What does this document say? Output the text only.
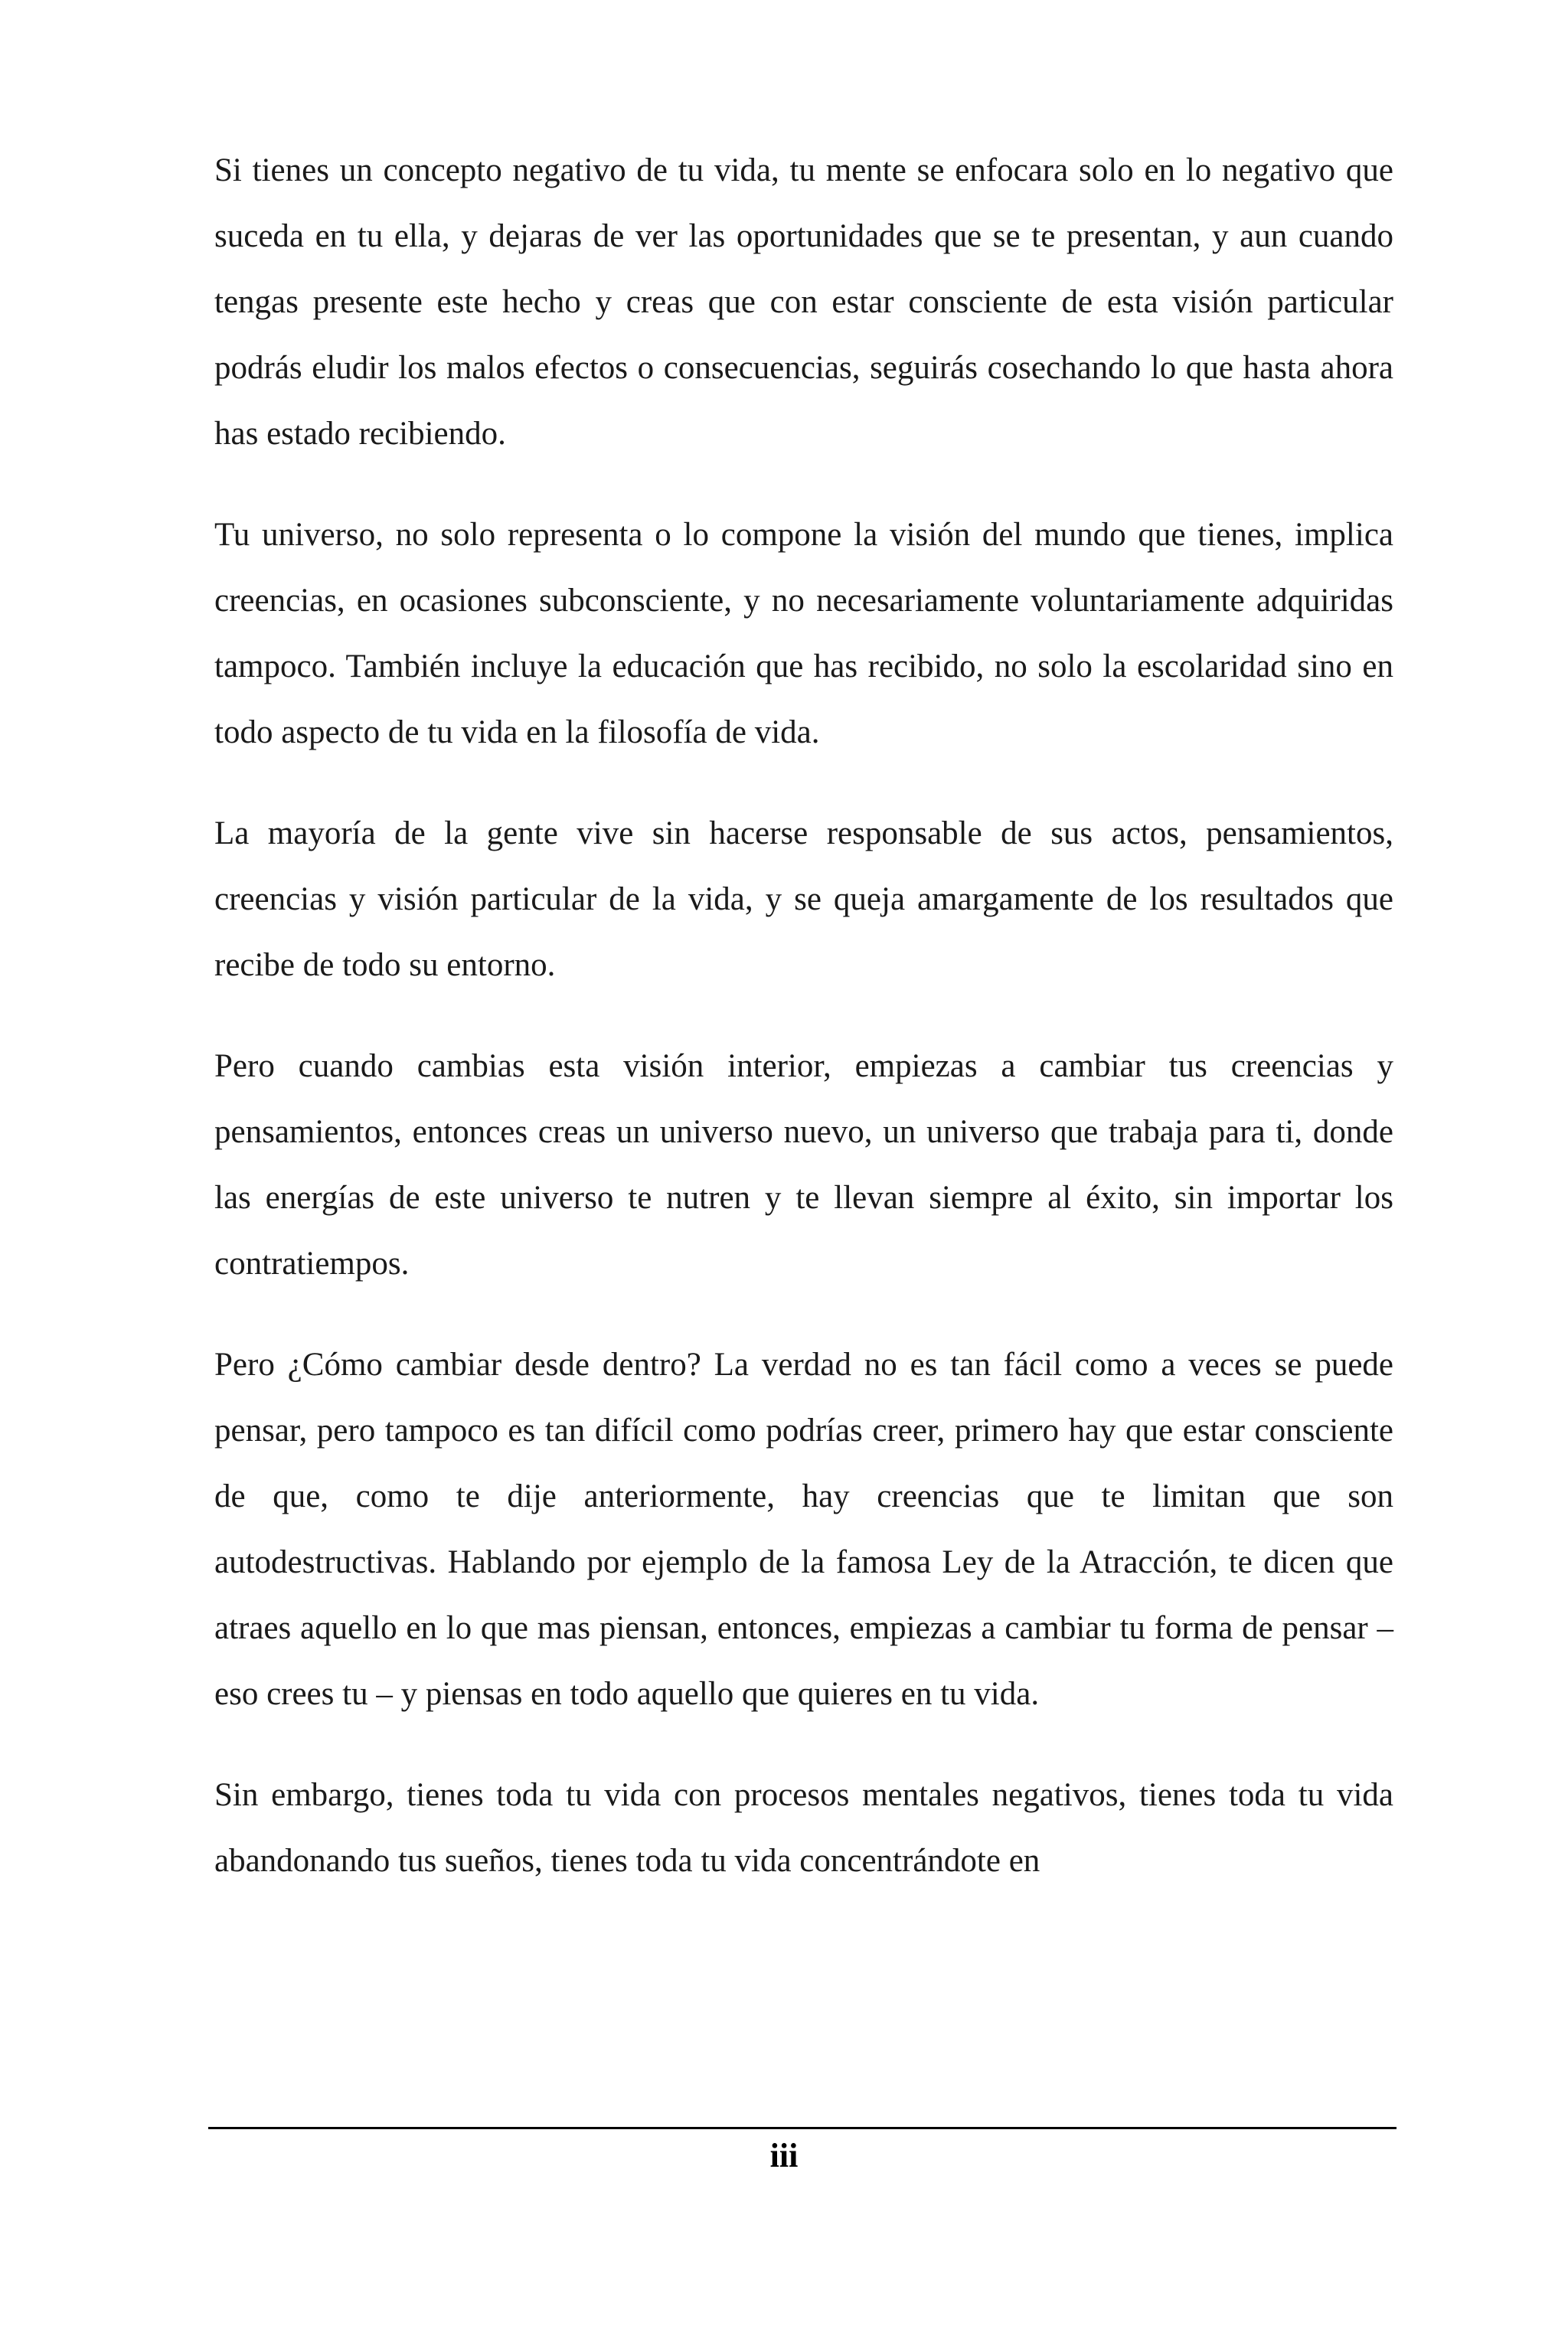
Si tienes un concepto negativo de tu vida, tu mente se enfocara solo en lo negativo que suceda en tu ella, y dejaras de ver las oportunidades que se te presentan, y aun cuando tengas presente este hecho y creas que con estar consciente de esta visión particular podrás eludir los malos efectos o consecuencias, seguirás cosechando lo que hasta ahora has estado recibiendo.

Tu universo, no solo representa o lo compone la visión del mundo que tienes, implica creencias, en ocasiones subconsciente, y no necesariamente voluntariamente adquiridas tampoco. También incluye la educación que has recibido, no solo la escolaridad sino en todo aspecto de tu vida en la filosofía de vida.

La mayoría de la gente vive sin hacerse responsable de sus actos, pensamientos, creencias y visión particular de la vida, y se queja amargamente de los resultados que recibe de todo su entorno.

Pero cuando cambias esta visión interior, empiezas a cambiar tus creencias y pensamientos, entonces creas un universo nuevo, un universo que trabaja para ti, donde las energías de este universo te nutren y te llevan siempre al éxito, sin importar los contratiempos.

Pero ¿Cómo cambiar desde dentro? La verdad no es tan fácil como a veces se puede pensar, pero tampoco es tan difícil como podrías creer, primero hay que estar consciente de que, como te dije anteriormente, hay creencias que te limitan que son autodestructivas. Hablando por ejemplo de la famosa Ley de la Atracción, te dicen que atraes aquello en lo que mas piensan, entonces, empiezas a cambiar tu forma de pensar – eso crees tu – y piensas en todo aquello que quieres en tu vida.

Sin embargo, tienes toda tu vida con procesos mentales negativos, tienes toda tu vida abandonando tus sueños, tienes toda tu vida concentrándote en

iii
